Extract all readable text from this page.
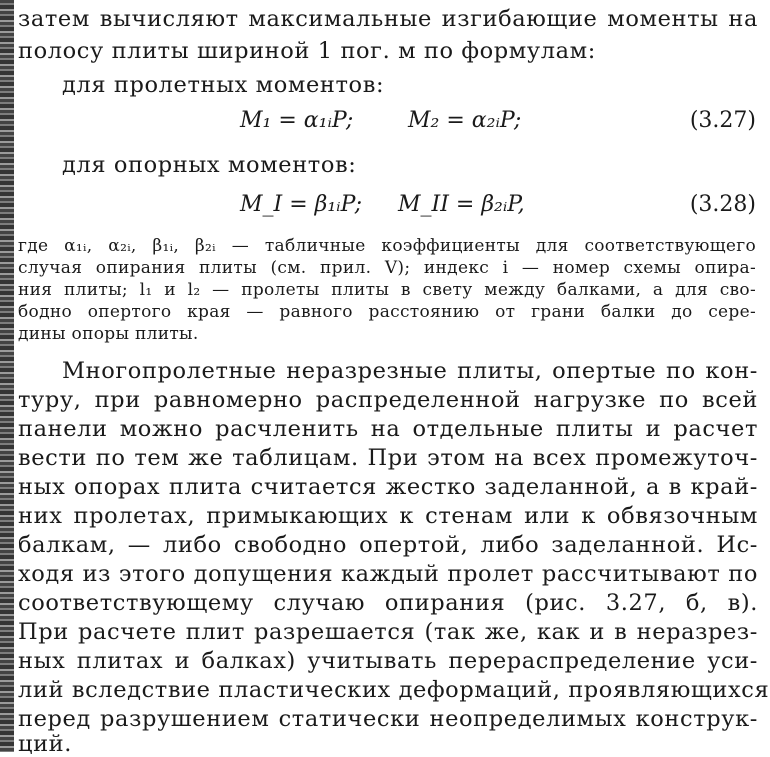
затем вычисляют максимальные изгибающие моменты на
полосу плиты шириной 1 пог. м по формулам:
для пролетных моментов:
M₁ = α₁ᵢP; M₂ = α₂ᵢP;	(3.27)
для опорных моментов:
M_I = β₁ᵢP; M_II = β₂ᵢP,	(3.28)
где α₁ᵢ, α₂ᵢ, β₁ᵢ, β₂ᵢ — табличные коэффициенты для соответствующего
случая опирания плиты (см. прил. V); индекс i — номер схемы опира-
ния плиты; l₁ и l₂ — пролеты плиты в свету между балками, а для сво-
бодно опертого края — равного расстоянию от грани балки до сере-
дины опоры плиты.
Многопролетные неразрезные плиты, опертые по кон-
туру, при равномерно распределенной нагрузке по всей
панели можно расчленить на отдельные плиты и расчет
вести по тем же таблицам. При этом на всех промежуточ-
ных опорах плита считается жестко заделанной, а в край-
них пролетах, примыкающих к стенам или к обвязочным
балкам, — либо свободно опертой, либо заделанной. Ис-
ходя из этого допущения каждый пролет рассчитывают по
соответствующему случаю опирания (рис. 3.27, б, в).
При расчете плит разрешается (так же, как и в неразрез-
ных плитах и балках) учитывать перераспределение уси-
лий вследствие пластических деформаций, проявляющихся
перед разрушением статически неопределимых конструк-
ций.
